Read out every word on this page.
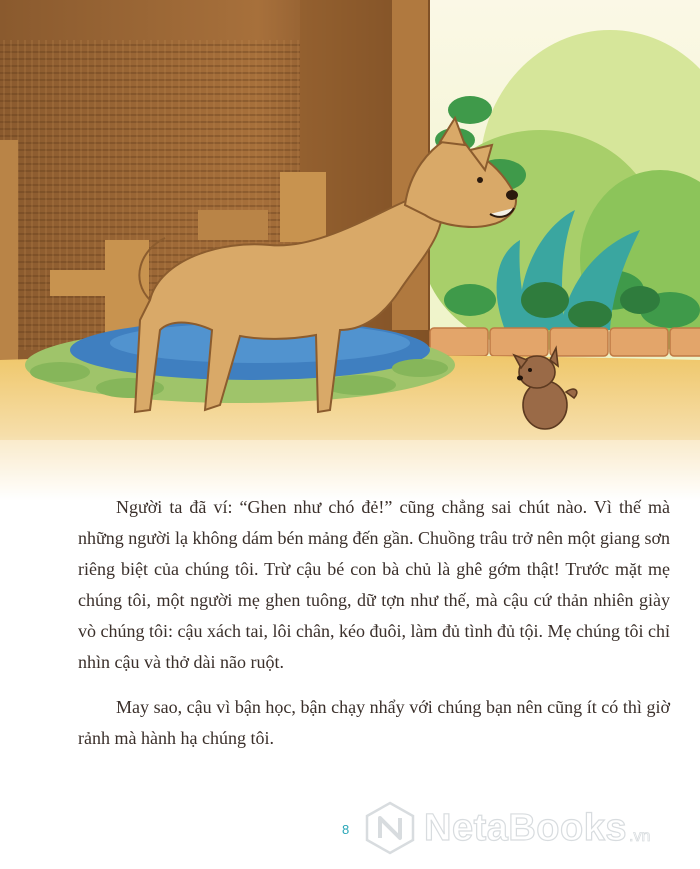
Người ta đã ví: “Ghen như chó đẻ!” cũng chẳng sai chút nào. Vì thế mà những người lạ không dám bén mảng đến gần. Chuồng trâu trở nên một giang sơn riêng biệt của chúng tôi. Trừ cậu bé con bà chủ là ghê gớm thật! Trước mặt mẹ chúng tôi, một người mẹ ghen tuông, dữ tợn như thế, mà cậu cứ thản nhiên giày vò chúng tôi: cậu xách tai, lôi chân, kéo đuôi, làm đủ tình đủ tội. Mẹ chúng tôi chỉ nhìn cậu và thở dài não ruột.

May sao, cậu vì bận học, bận chạy nhẩy với chúng bạn nên cũng ít có thì giờ rảnh mà hành hạ chúng tôi.

8 NetaBooks .vn
